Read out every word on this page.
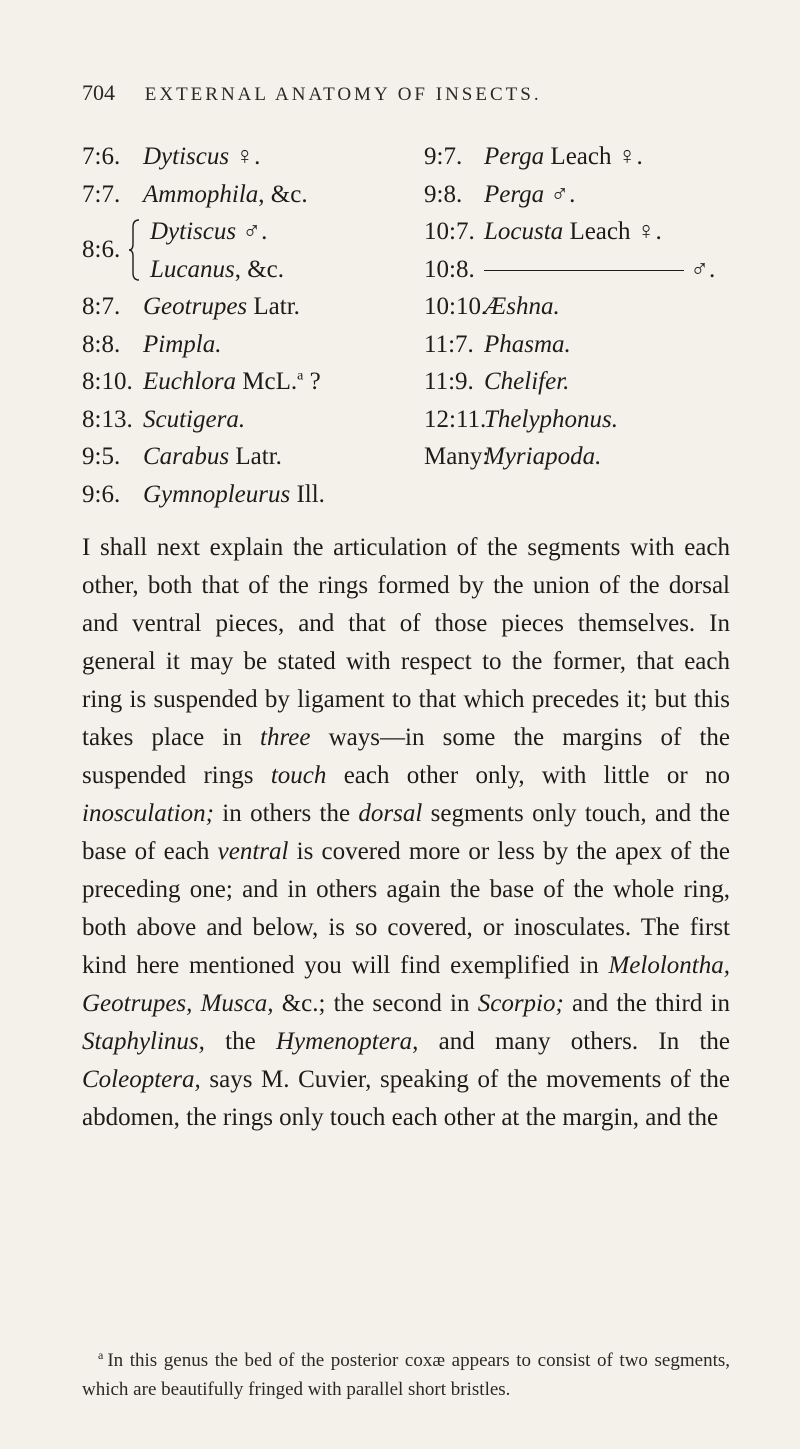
704 EXTERNAL ANATOMY OF INSECTS.
7:6. Dytiscus ♀.
7:7. Ammophila, &c.
8:6.
Dytiscus ♂.
Lucanus, &c.
8:7. Geotrupes Latr.
8:8. Pimpla.
8:10. Euchlora McL.$^a$ ?
8:13. Scutigera.
9:5. Carabus Latr.
9:6. Gymnopleurus Ill.
9:7. Perga Leach ♀.
9:8. Perga ♂.
10:7. Locusta Leach ♀.
10:8.	♂.
10:10.Æshna.
11:7. Phasma.
11:9. Chelifer.
12:11.Thelyphonus.
Many:Myriapoda.

I shall next explain the articulation of the segments with each other, both that of the rings formed by the union of the dorsal and ventral pieces, and that of those pieces themselves. In general it may be stated with respect to the former, that each ring is suspended by ligament to that which precedes it; but this takes place in three ways—in some the margins of the suspended rings touch each other only, with little or no inosculation; in others the dorsal segments only touch, and the base of each ventral is covered more or less by the apex of the preceding one; and in others again the base of the whole ring, both above and below, is so covered, or inosculates. The first kind here mentioned you will find exemplified in Melolontha, Geotrupes, Musca, &c.; the second in Scorpio; and the third in Staphylinus, the Hymenoptera, and many others. In the Coleoptera, says M. Cuvier, speaking of the movements of the abdomen, the rings only touch each other at the margin, and the

$^a$ In this genus the bed of the posterior coxæ appears to consist of two segments, which are beautifully fringed with parallel short bristles.
